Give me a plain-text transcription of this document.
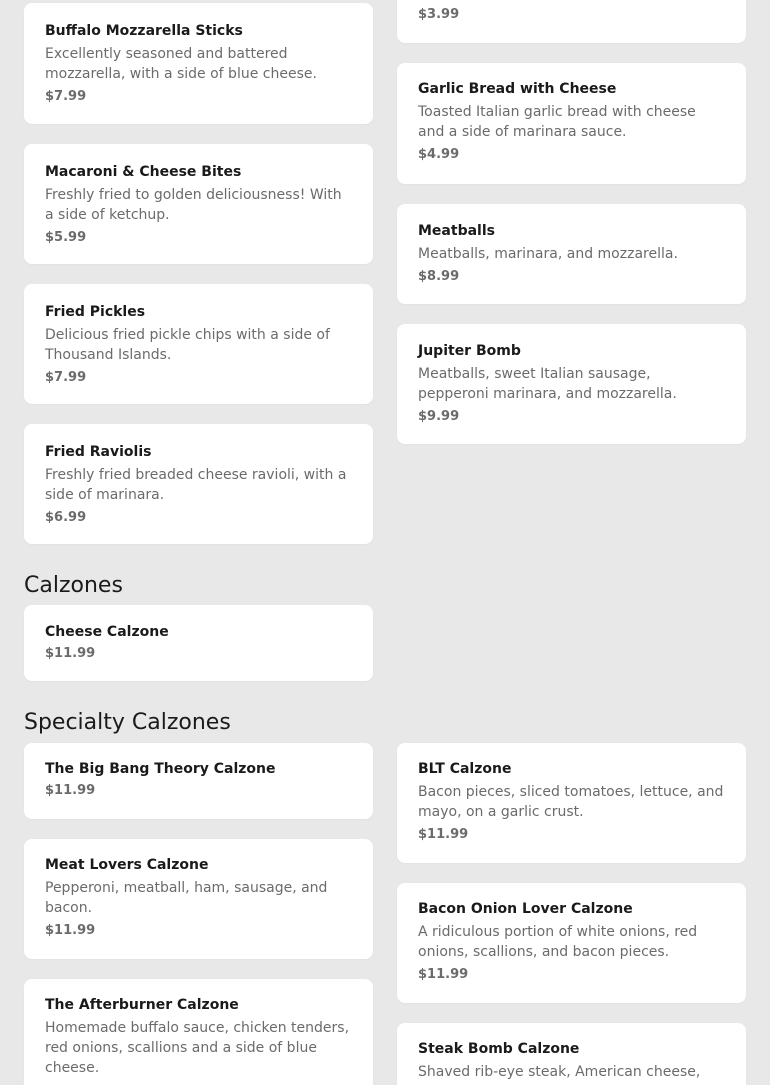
Buffalo Mozzarella Sticks
Excellently seasoned and battered mozzarella, with a side of blue cheese.
$7.99
Macaroni & Cheese Bites
Freshly fried to golden deliciousness! With a side of ketchup.
$5.99
Fried Pickles
Delicious fried pickle chips with a side of Thousand Islands.
$7.99
Fried Raviolis
Freshly fried breaded cheese ravioli, with a side of marinara.
$6.99
$3.99
Garlic Bread with Cheese
Toasted Italian garlic bread with cheese and a side of marinara sauce.
$4.99
Meatballs
Meatballs, marinara, and mozzarella.
$8.99
Jupiter Bomb
Meatballs, sweet Italian sausage, pepperoni marinara, and mozzarella.
$9.99
Calzones
Cheese Calzone
$11.99
Specialty Calzones
The Big Bang Theory Calzone
$11.99
Meat Lovers Calzone
Pepperoni, meatball, ham, sausage, and bacon.
$11.99
The Afterburner Calzone
Homemade buffalo sauce, chicken tenders, red onions, scallions and a side of blue cheese.
BLT Calzone
Bacon pieces, sliced tomatoes, lettuce, and mayo, on a garlic crust.
$11.99
Bacon Onion Lover Calzone
A ridiculous portion of white onions, red onions, scallions, and bacon pieces.
$11.99
Steak Bomb Calzone
Shaved rib-eye steak, American cheese,
